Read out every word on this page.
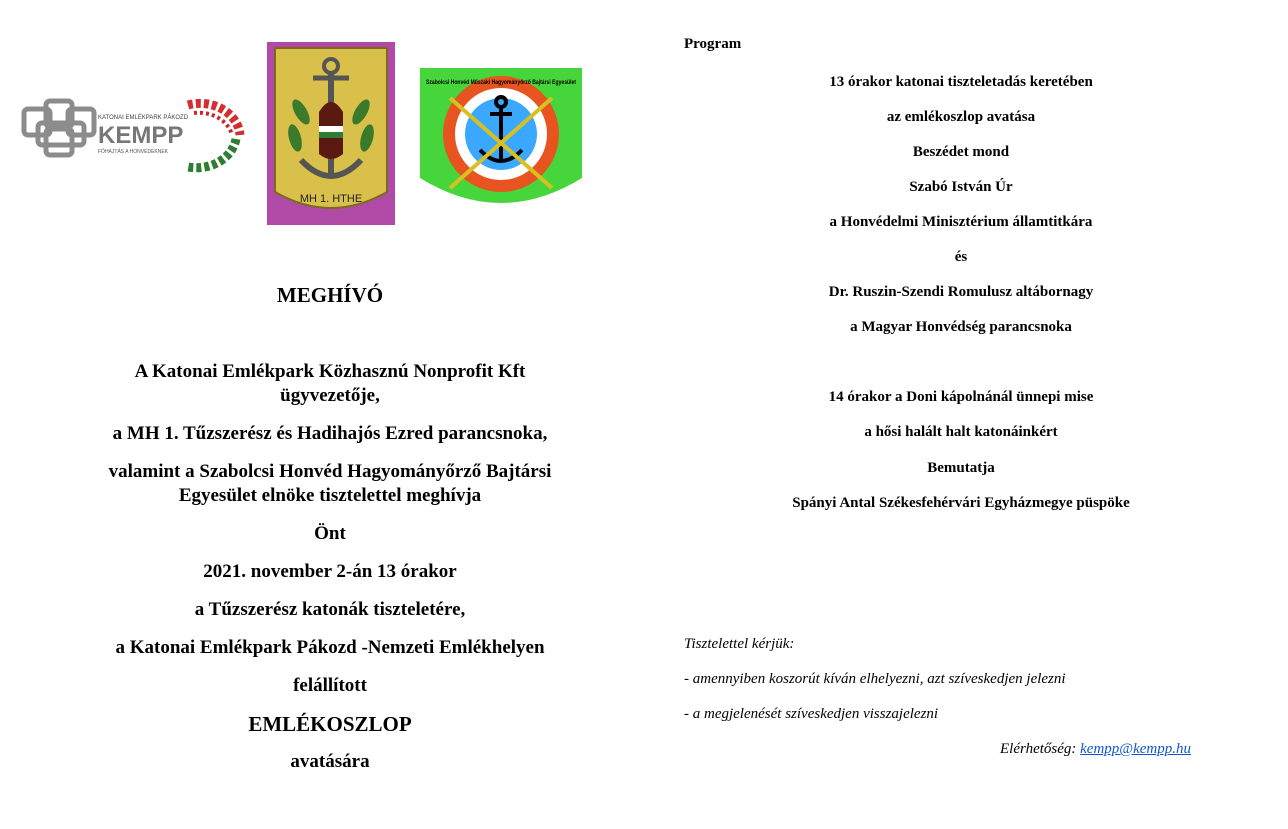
KATONAI EMLÉKPARK PÁKOZD
KEMPP
FŐHAJTÁS A HONVÉDEKNEK
MH 1. HTHE
Szabolcsi Honvéd Műszaki Hagyományőrző Bajtársi Egyesület
MEGHÍVÓ
A Katonai Emlékpark Közhasznú Nonprofit Kft
ügyvezetője,
a MH 1. Tűzszerész és Hadihajós Ezred parancsnoka,
valamint a Szabolcsi Honvéd Hagyományőrző Bajtársi
Egyesület elnöke tisztelettel meghívja
Önt
2021. november 2-án 13 órakor
a Tűzszerész katonák tiszteletére,
a Katonai Emlékpark Pákozd -Nemzeti Emlékhelyen
felállított
EMLÉKOSZLOP
avatására
Program
13 órakor katonai tiszteletadás keretében
az emlékoszlop avatása
Beszédet mond
Szabó István Úr
a Honvédelmi Minisztérium államtitkára
és
Dr. Ruszin-Szendi Romulusz altábornagy
a Magyar Honvédség parancsnoka
14 órakor a Doni kápolnánál ünnepi mise
a hősi halált halt katonáinkért
Bemutatja
Spányi Antal Székesfehérvári Egyházmegye püspöke
Tisztelettel kérjük:
- amennyiben koszorút kíván elhelyezni, azt szíveskedjen jelezni
- a megjelenését szíveskedjen visszajelezni
Elérhetőség: kempp@kempp.hu
